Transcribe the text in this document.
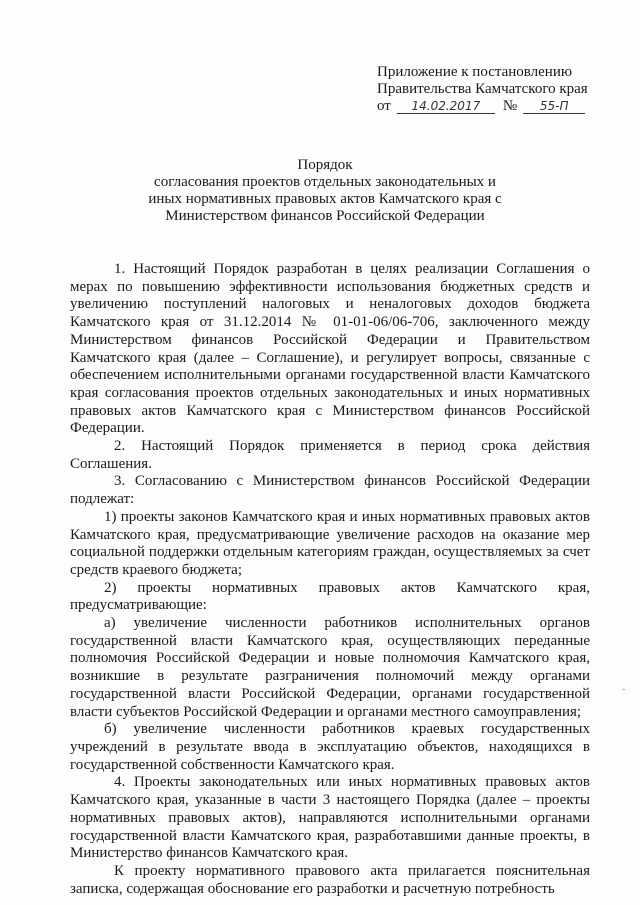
Приложение к постановлению
Правительства Камчатского края
от 14.02.2017 № 55-П
Порядок
согласования проектов отдельных законодательных и
иных нормативных правовых актов Камчатского края с
Министерством финансов Российской Федерации

1. Настоящий Порядок разработан в целях реализации Соглашения о мерах по повышению эффективности использования бюджетных средств и увеличению поступлений налоговых и неналоговых доходов бюджета Камчатского края от 31.12.2014 № 01-01-06/06-706, заключенного между Министерством финансов Российской Федерации и Правительством Камчатского края (далее – Соглашение), и регулирует вопросы, связанные с обеспечением исполнительными органами государственной власти Камчатского края согласования проектов отдельных законодательных и иных нормативных правовых актов Камчатского края с Министерством финансов Российской Федерации.

2. Настоящий Порядок применяется в период срока действия Соглашения.

3. Согласованию с Министерством финансов Российской Федерации подлежат:

1) проекты законов Камчатского края и иных нормативных правовых актов Камчатского края, предусматривающие увеличение расходов на оказание мер социальной поддержки отдельным категориям граждан, осуществляемых за счет средств краевого бюджета;

2) проекты нормативных правовых актов Камчатского края, предусматривающие:

а) увеличение численности работников исполнительных органов государственной власти Камчатского края, осуществляющих переданные полномочия Российской Федерации и новые полномочия Камчатского края, возникшие в результате разграничения полномочий между органами государственной власти Российской Федерации, органами государственной власти субъектов Российской Федерации и органами местного самоуправления;

б) увеличение численности работников краевых государственных учреждений в результате ввода в эксплуатацию объектов, находящихся в государственной собственности Камчатского края.

4. Проекты законодательных или иных нормативных правовых актов Камчатского края, указанные в части 3 настоящего Порядка (далее – проекты нормативных правовых актов), направляются исполнительными органами государственной власти Камчатского края, разработавшими данные проекты, в Министерство финансов Камчатского края.

К проекту нормативного правового акта прилагается пояснительная записка, содержащая обоснование его разработки и расчетную потребность

-
